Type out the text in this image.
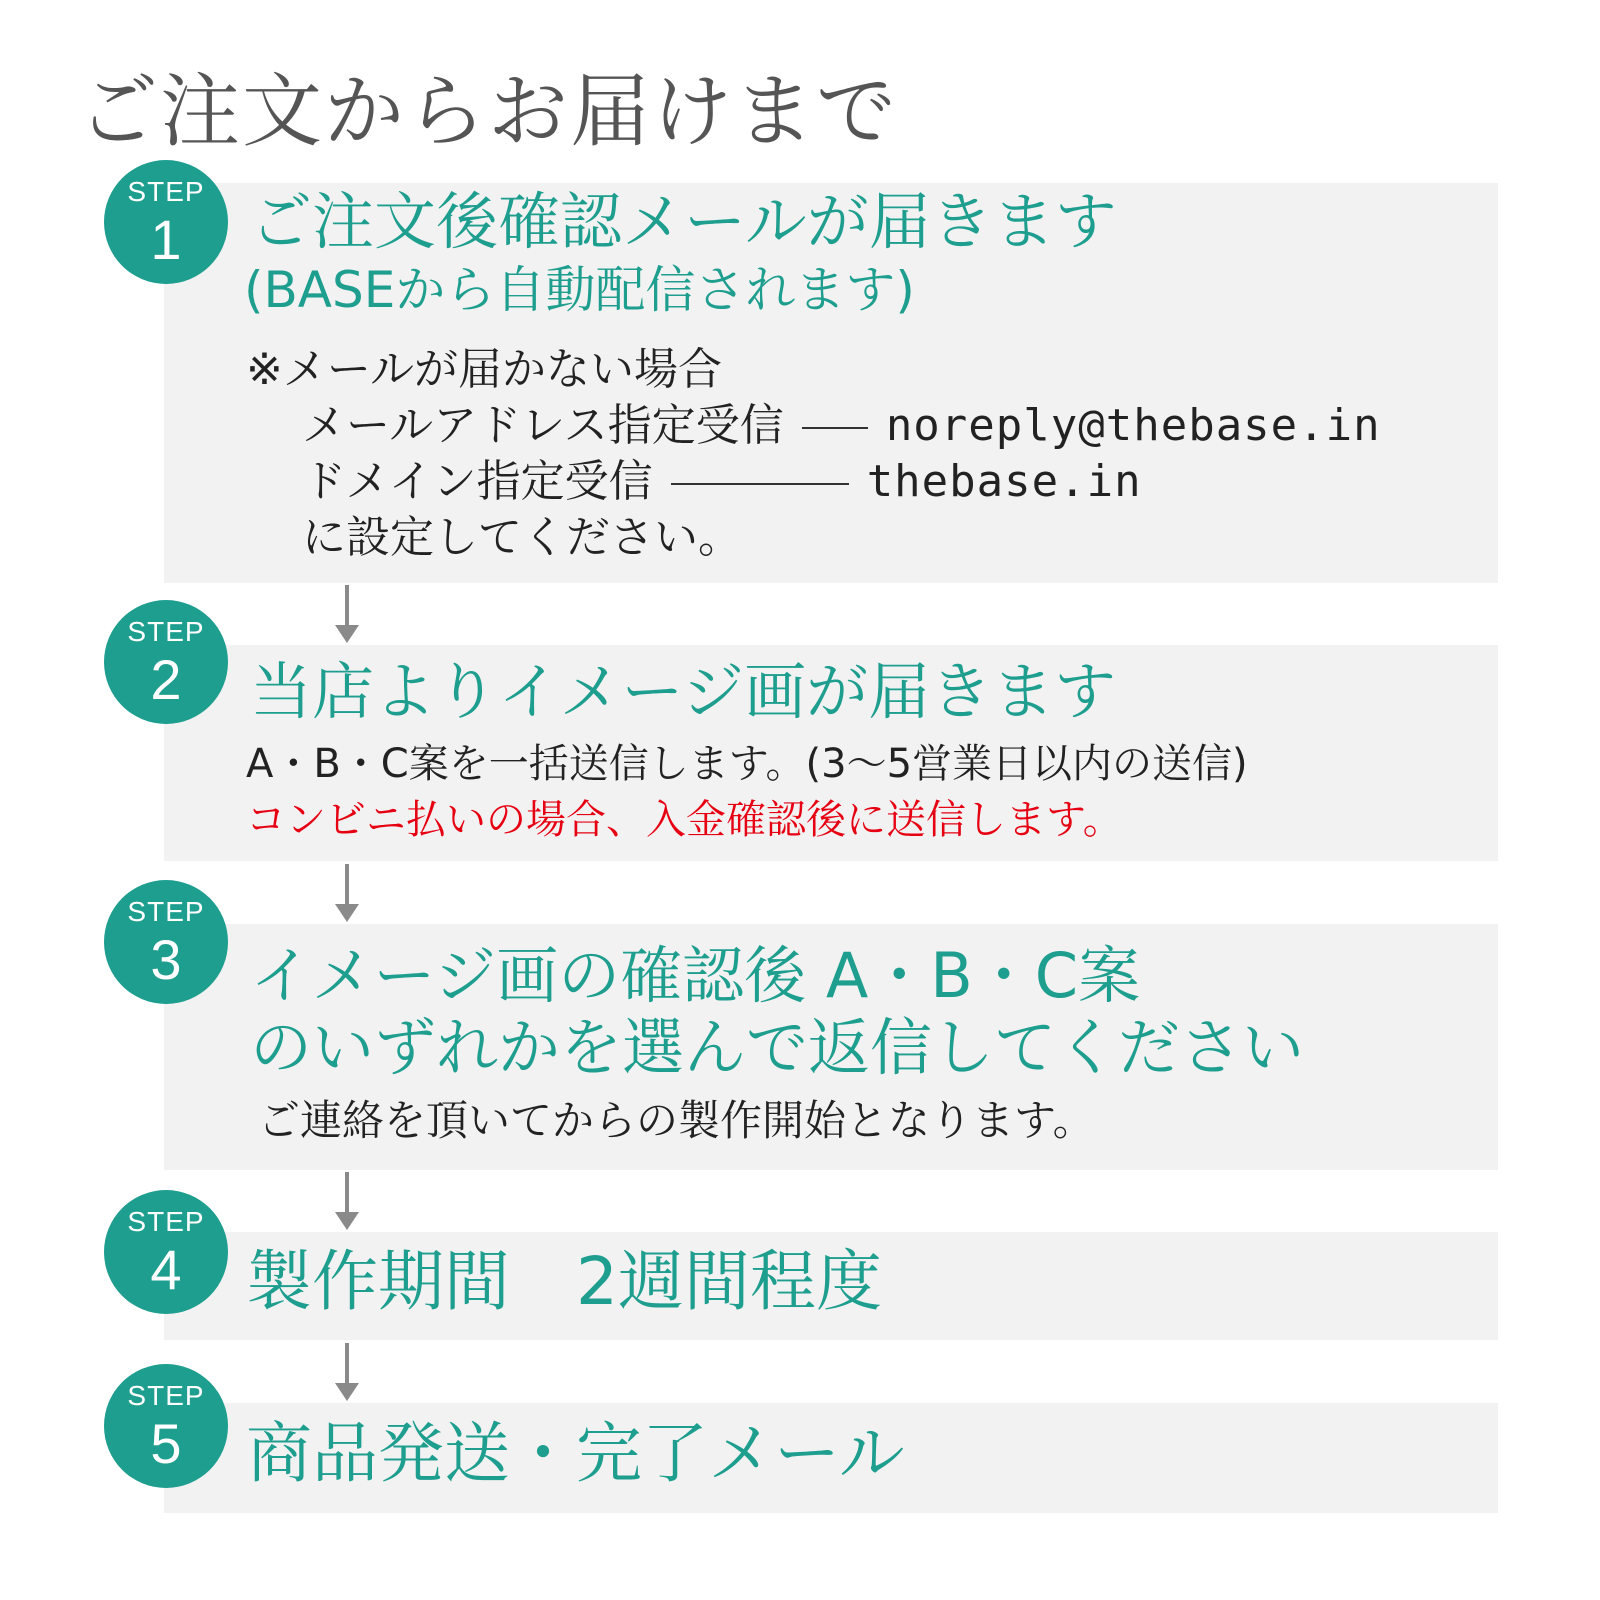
ご注文からお届けまで
STEP
1	ご注文後確認メールが届きます
(BASEから自動配信されます)
※メールが届かない場合
メールアドレス指定受信 noreply@thebase.in
ドメイン指定受信	thebase.in
に設定してください。
STEP
2	当店よりイメージ画が届きます
A・B・C案を一括送信します。(3〜5営業日以内の送信)
コンビニ払いの場合、入金確認後に送信します。
STEP
3	イメージ画の確認後 A・B・C案
のいずれかを選んで返信してください
ご連絡を頂いてからの製作開始となります。
STEP
4 製作期間　2週間程度
STEP
5 商品発送・完了メール
